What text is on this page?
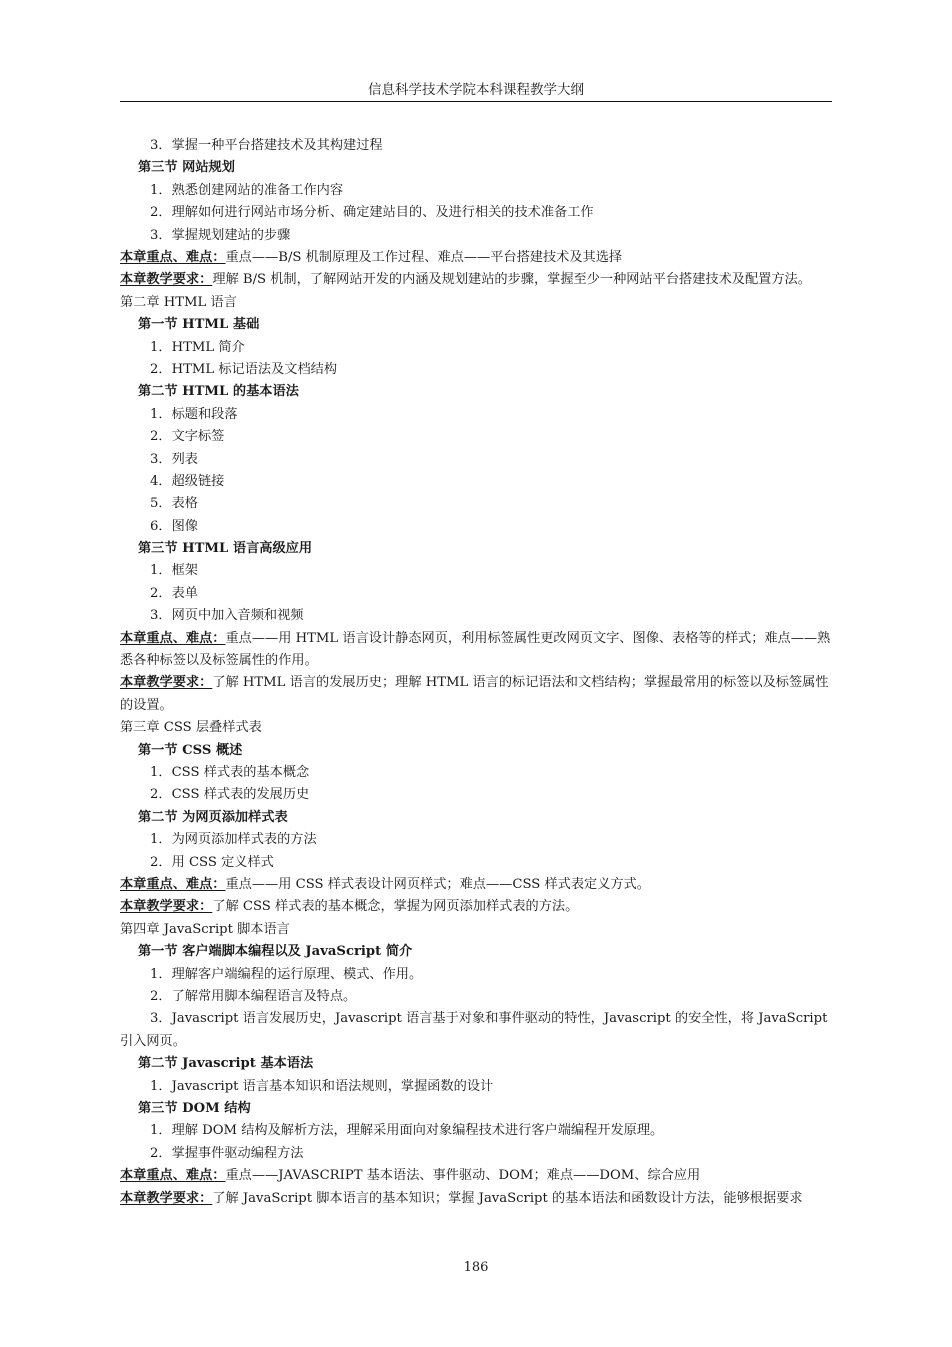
信息科学技术学院本科课程教学大纲
3．掌握一种平台搭建技术及其构建过程
第三节 网站规划
1．熟悉创建网站的准备工作内容
2．理解如何进行网站市场分析、确定建站目的、及进行相关的技术准备工作
3．掌握规划建站的步骤
本章重点、难点：重点——B/S 机制原理及工作过程、难点——平台搭建技术及其选择
本章教学要求：理解 B/S 机制，了解网站开发的内涵及规划建站的步骤，掌握至少一种网站平台搭建技术及配置方法。
第二章 HTML 语言
第一节 HTML 基础
1．HTML 简介
2．HTML 标记语法及文档结构
第二节 HTML 的基本语法
1．标题和段落
2．文字标签
3．列表
4．超级链接
5．表格
6．图像
第三节 HTML 语言高级应用
1．框架
2．表单
3．网页中加入音频和视频
本章重点、难点：重点——用 HTML 语言设计静态网页，利用标签属性更改网页文字、图像、表格等的样式；难点——熟悉各种标签以及标签属性的作用。
本章教学要求：了解 HTML 语言的发展历史；理解 HTML 语言的标记语法和文档结构；掌握最常用的标签以及标签属性的设置。
第三章 CSS 层叠样式表
第一节 CSS 概述
1．CSS 样式表的基本概念
2．CSS 样式表的发展历史
第二节 为网页添加样式表
1．为网页添加样式表的方法
2．用 CSS 定义样式
本章重点、难点：重点——用 CSS 样式表设计网页样式；难点——CSS 样式表定义方式。
本章教学要求：了解 CSS 样式表的基本概念，掌握为网页添加样式表的方法。
第四章 JavaScript 脚本语言
第一节 客户端脚本编程以及 JavaScript 简介
1．理解客户端编程的运行原理、模式、作用。
2．了解常用脚本编程语言及特点。
3．Javascript 语言发展历史，Javascript 语言基于对象和事件驱动的特性，Javascript 的安全性，将 JavaScript 引入网页。
第二节 Javascript 基本语法
1．Javascript 语言基本知识和语法规则，掌握函数的设计
第三节 DOM 结构
1．理解 DOM 结构及解析方法，理解采用面向对象编程技术进行客户端编程开发原理。
2．掌握事件驱动编程方法
本章重点、难点：重点——JAVASCRIPT 基本语法、事件驱动、DOM；难点——DOM、综合应用
本章教学要求：了解 JavaScript 脚本语言的基本知识；掌握 JavaScript 的基本语法和函数设计方法，能够根据要求
186
